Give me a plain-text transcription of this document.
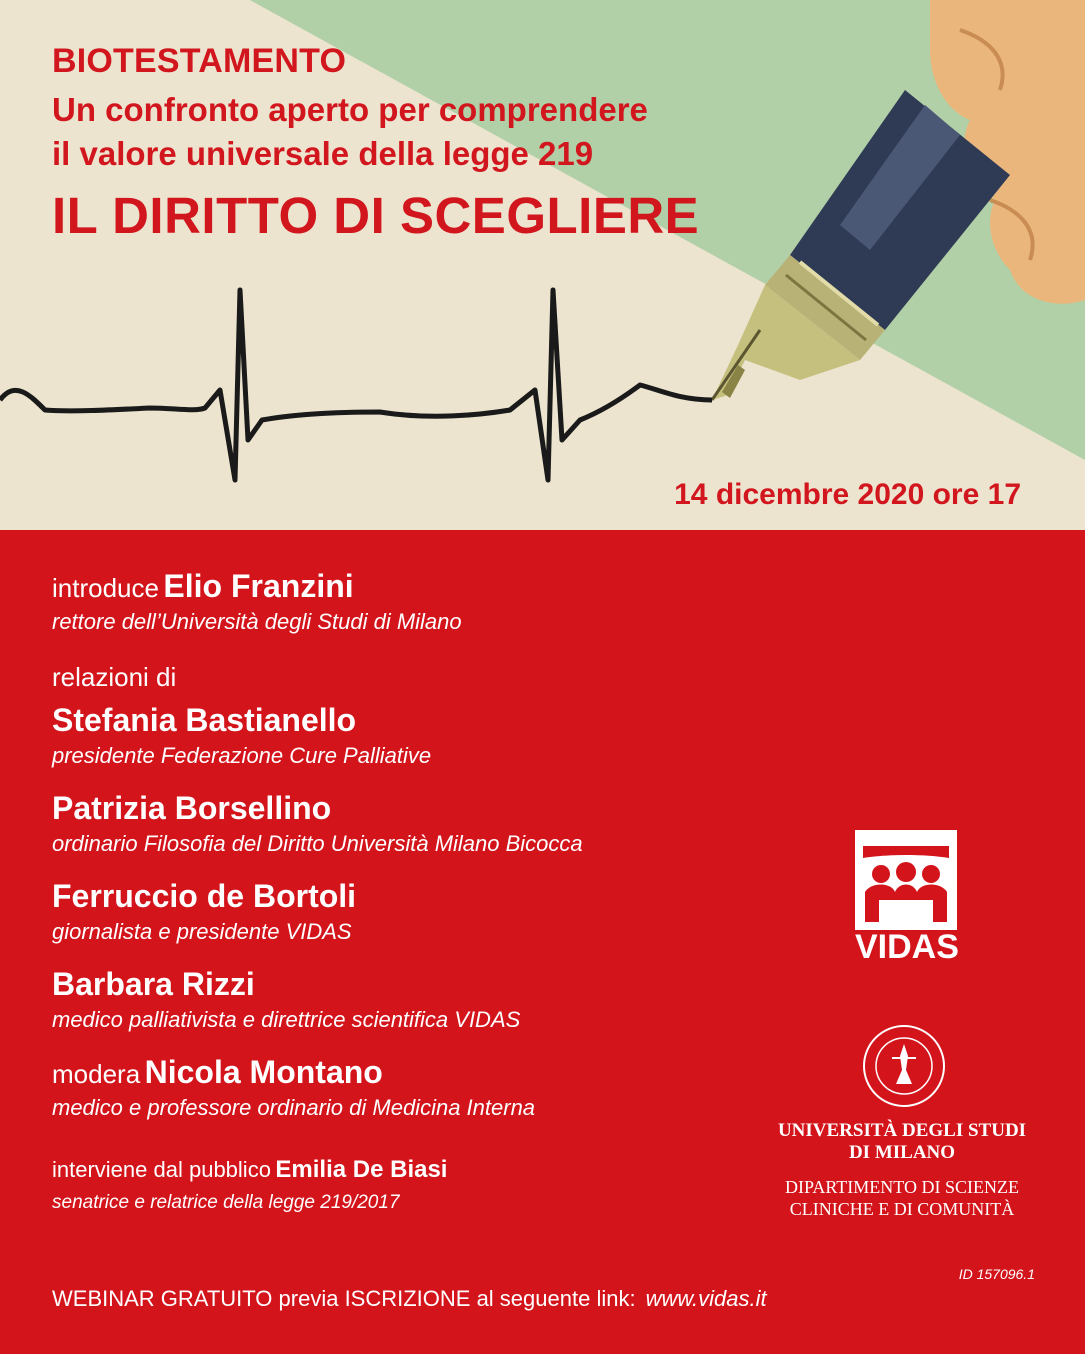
BIOTESTAMENTO
Un confronto aperto per comprendere
il valore universale della legge 219
IL DIRITTO DI SCEGLIERE
14 dicembre 2020 ore 17
introduce Elio Franzini
rettore dell’Università degli Studi di Milano
relazioni di
Stefania Bastianello
presidente Federazione Cure Palliative
Patrizia Borsellino
ordinario Filosofia del Diritto Università Milano Bicocca
Ferruccio de Bortoli
giornalista e presidente VIDAS
Barbara Rizzi
medico palliativista e direttrice scientifica VIDAS
modera Nicola Montano
medico e professore ordinario di Medicina Interna
interviene dal pubblico Emilia De Biasi
senatrice e relatrice della legge 219/2017
VIDAS
UNIVERSITÀ DEGLI STUDI
DI MILANO
DIPARTIMENTO DI SCIENZE
CLINICHE E DI COMUNITÀ
ID 157096.1
WEBINAR GRATUITO previa ISCRIZIONE al seguente link: www.vidas.it
